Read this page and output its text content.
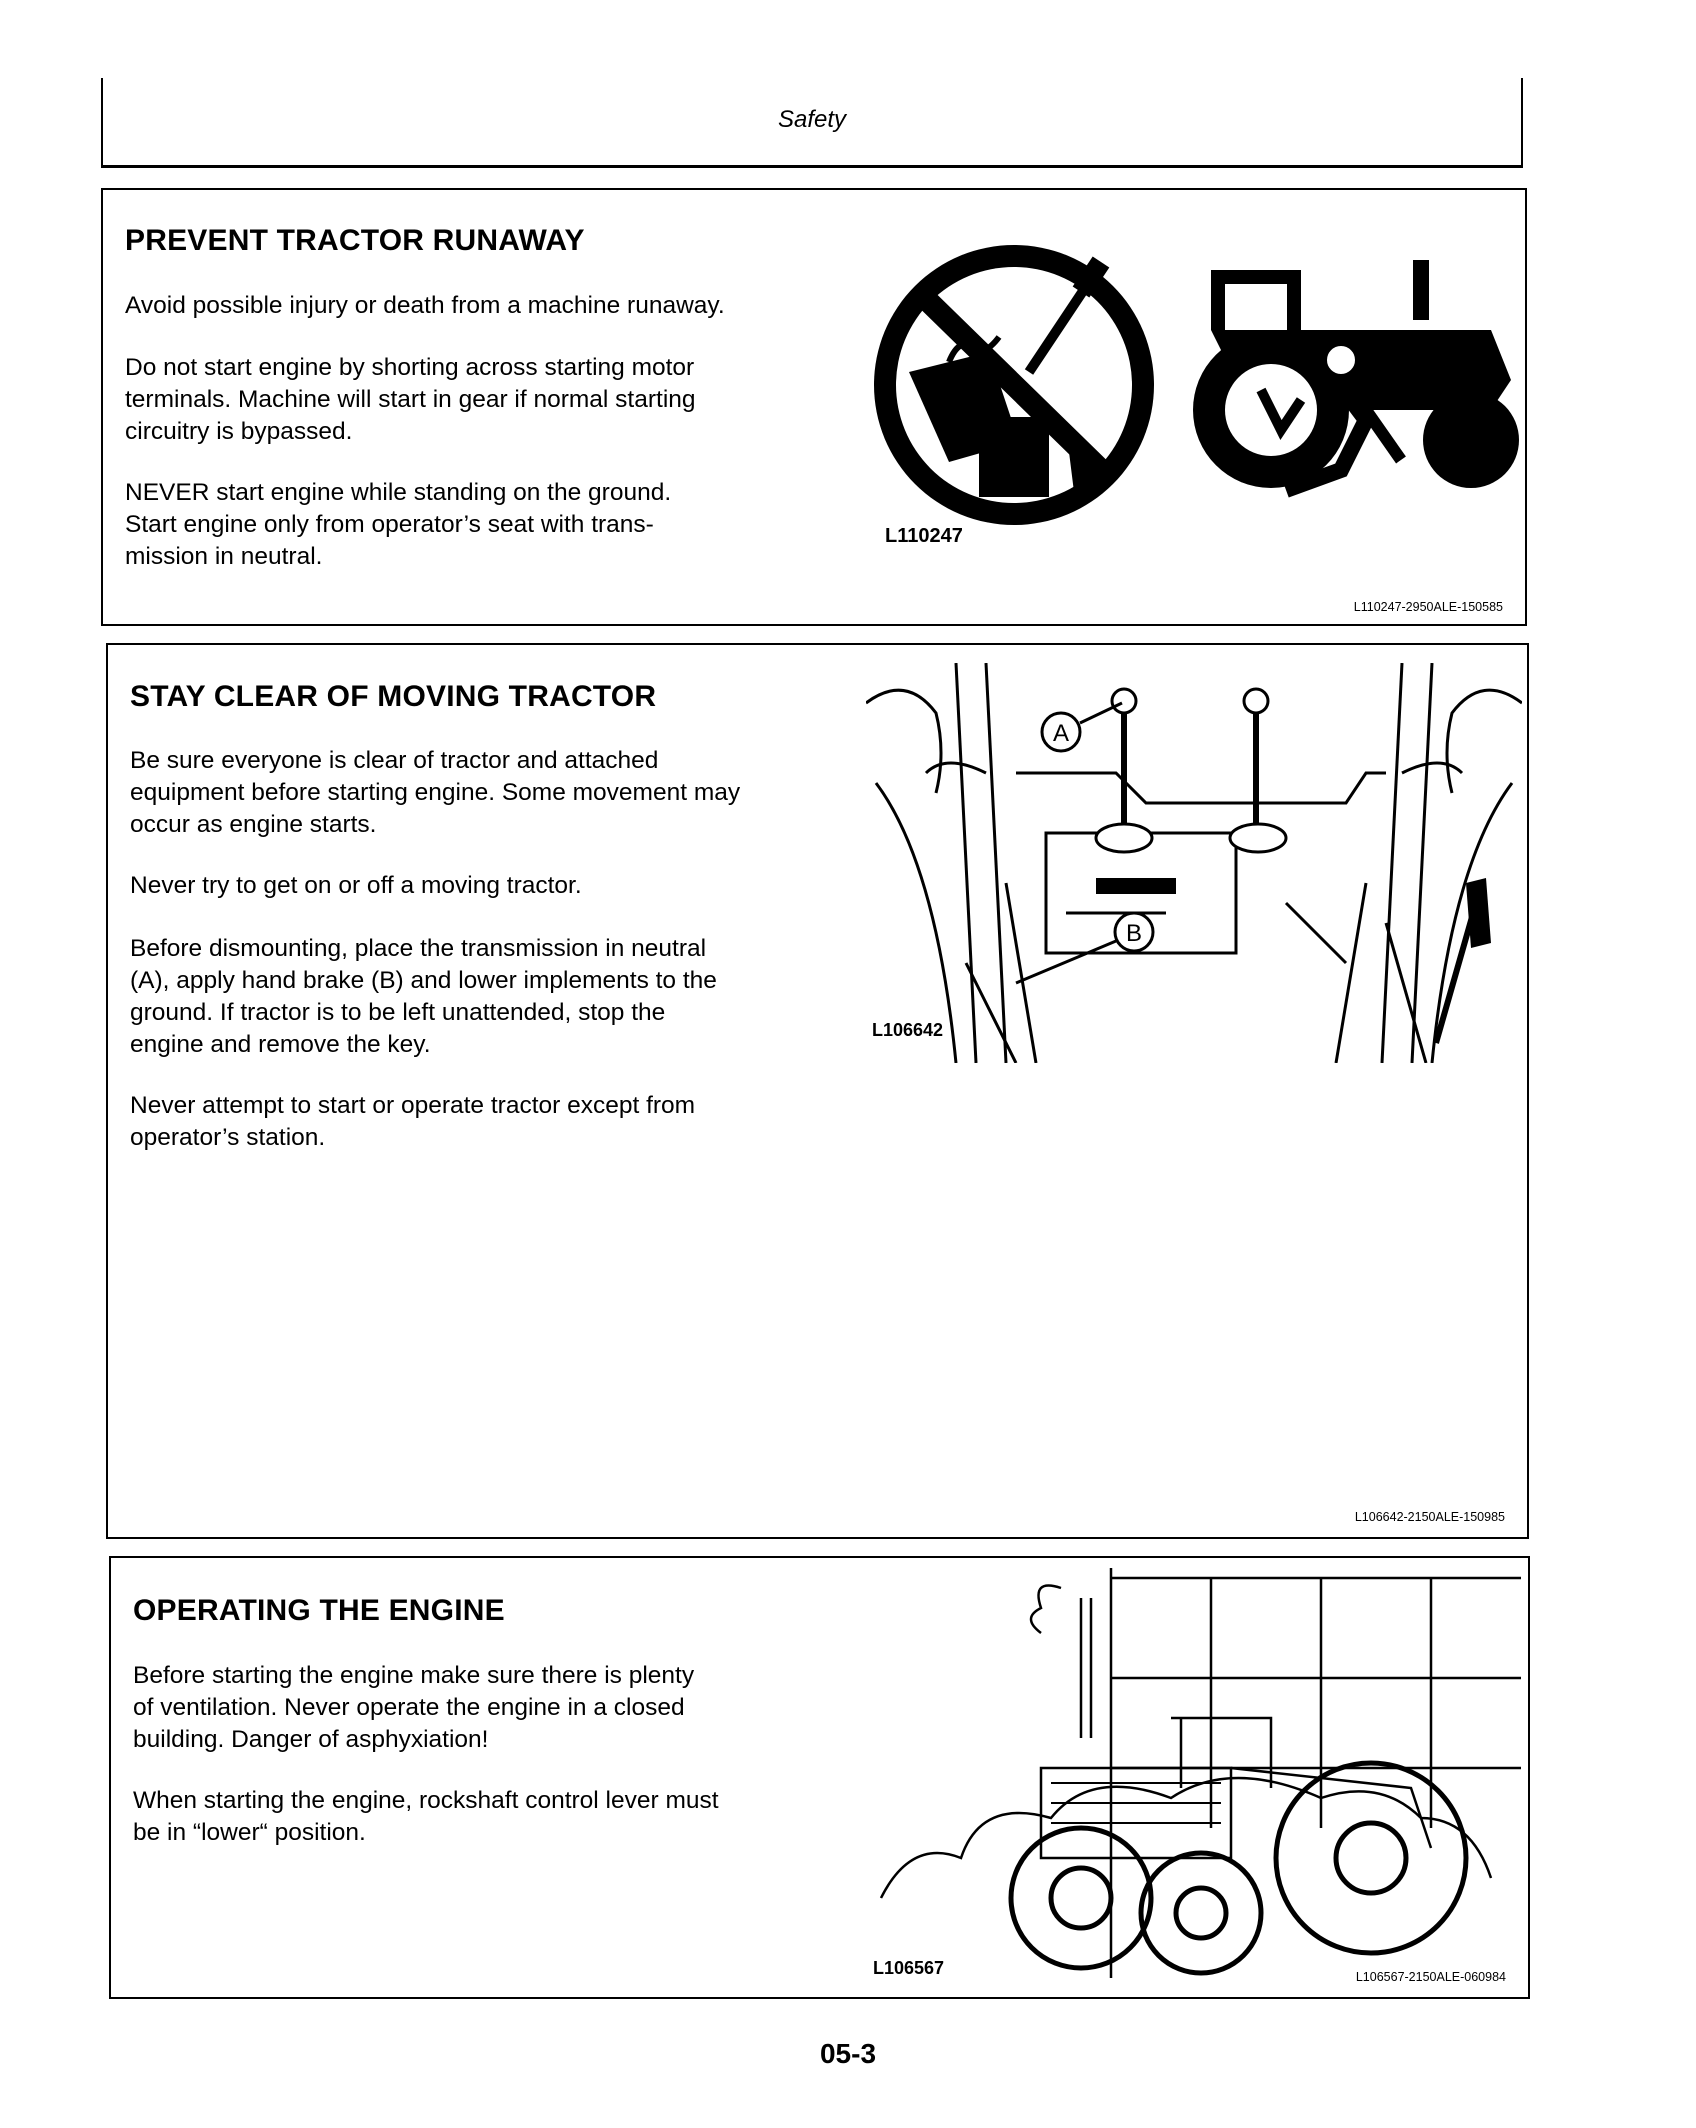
Safety
PREVENT TRACTOR RUNAWAY

Avoid possible injury or death from a machine runaway.

Do not start engine by shorting across starting motor
terminals. Machine will start in gear if normal starting
circuitry is bypassed.

NEVER start engine while standing on the ground.
Start engine only from operator’s seat with trans-
mission in neutral.

L110247
L110247-2950ALE-150585
STAY CLEAR OF MOVING TRACTOR

Be sure everyone is clear of tractor and attached
equipment before starting engine. Some movement may
occur as engine starts.

Never try to get on or off a moving tractor.

Before dismounting, place the transmission in neutral
(A), apply hand brake (B) and lower implements to the
ground. If tractor is to be left unattended, stop the
engine and remove the key.

Never attempt to start or operate tractor except from
operator’s station.

A
B
L106642
L106642-2150ALE-150985
OPERATING THE ENGINE

Before starting the engine make sure there is plenty
of ventilation. Never operate the engine in a closed
building. Danger of asphyxiation!

When starting the engine, rockshaft control lever must
be in “lower“ position.

L106567	L106567-2150ALE-060984
05-3
